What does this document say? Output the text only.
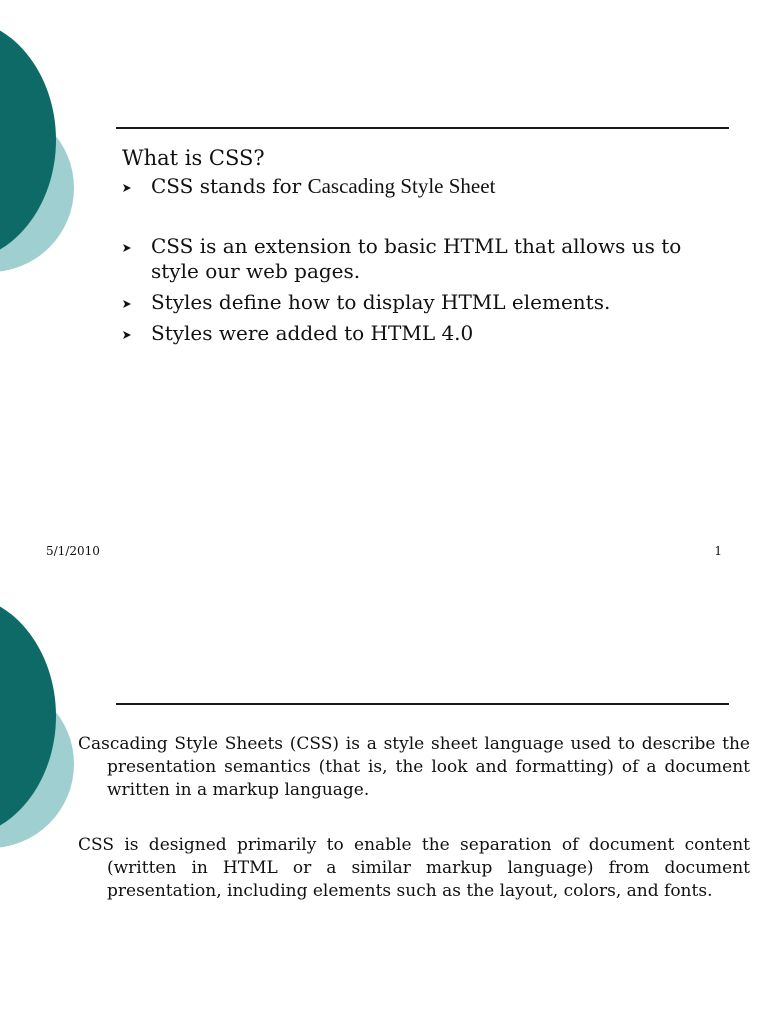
What is CSS?
CSS stands for Cascading Style Sheet
CSS is an extension to basic HTML that allows us to style our web pages.
Styles define how to display HTML elements.
Styles were added to HTML 4.0
5/1/2010	1

Cascading Style Sheets (CSS) is a style sheet language used to describe the presentation semantics (that is, the look and formatting) of a document written in a markup language.

CSS is designed primarily to enable the separation of document content (written in HTML or a similar markup language) from document presentation, including elements such as the layout, colors, and fonts.
